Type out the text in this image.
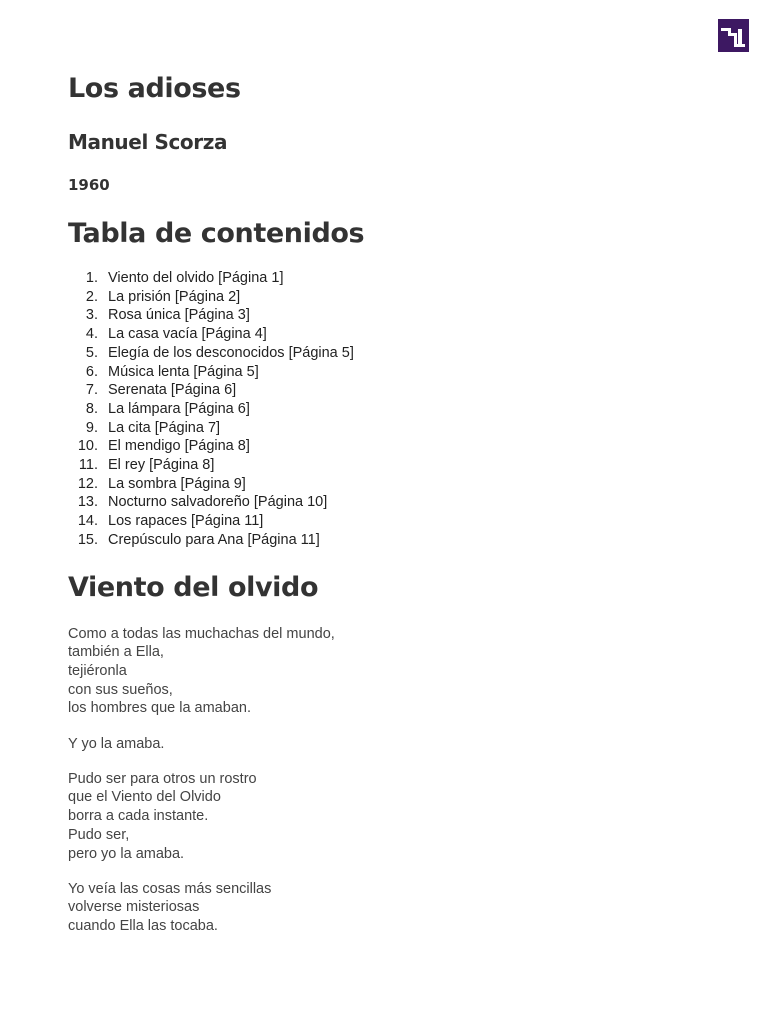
Los adioses
Manuel Scorza
1960
Tabla de contenidos
1. Viento del olvido [Página 1]
2. La prisión [Página 2]
3. Rosa única [Página 3]
4. La casa vacía [Página 4]
5. Elegía de los desconocidos [Página 5]
6. Música lenta [Página 5]
7. Serenata [Página 6]
8. La lámpara [Página 6]
9. La cita [Página 7]
10. El mendigo [Página 8]
11. El rey [Página 8]
12. La sombra [Página 9]
13. Nocturno salvadoreño [Página 10]
14. Los rapaces [Página 11]
15. Crepúsculo para Ana [Página 11]
Viento del olvido

Como a todas las muchachas del mundo,
también a Ella,
tejiéronla
con sus sueños,
los hombres que la amaban.

Y yo la amaba.

Pudo ser para otros un rostro
que el Viento del Olvido
borra a cada instante.
Pudo ser,
pero yo la amaba.

Yo veía las cosas más sencillas
volverse misteriosas
cuando Ella las tocaba.
